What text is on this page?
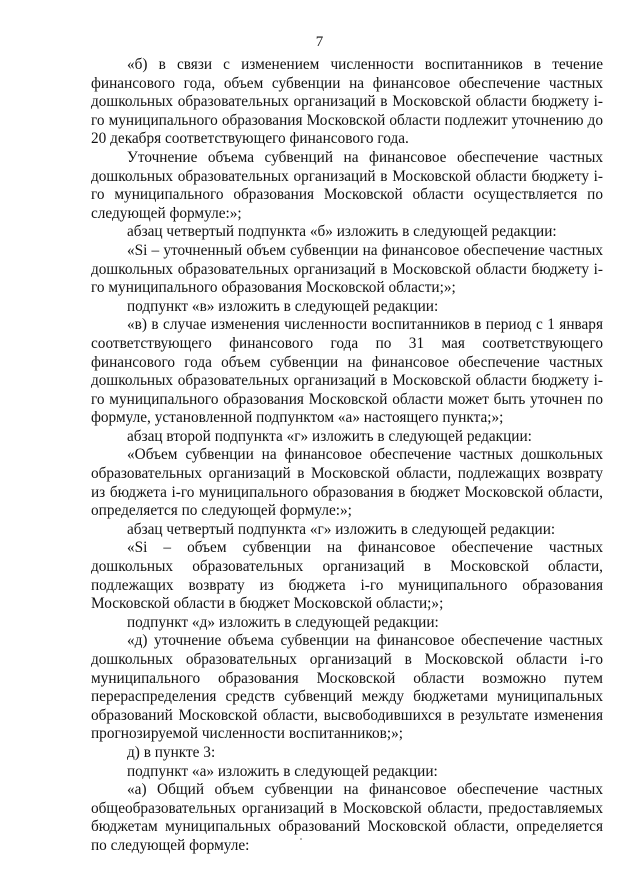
7

«б) в связи с изменением численности воспитанников в течение финансового года, объем субвенции на финансовое обеспечение частных дошкольных образовательных организаций в Московской области бюджету i-го муниципального образования Московской области подлежит уточнению до 20 декабря соответствующего финансового года.

Уточнение объема субвенций на финансовое обеспечение частных дошкольных образовательных организаций в Московской области бюджету i-го муниципального образования Московской области осуществляется по следующей формуле:»;

абзац четвертый подпункта «б» изложить в следующей редакции:

«Si – уточненный объем субвенции на финансовое обеспечение частных дошкольных образовательных организаций в Московской области бюджету i-го муниципального образования Московской области;»;

подпункт «в» изложить в следующей редакции:

«в) в случае изменения численности воспитанников в период с 1 января соответствующего финансового года по 31 мая соответствующего финансового года объем субвенции на финансовое обеспечение частных дошкольных образовательных организаций в Московской области бюджету i-го муниципального образования Московской области может быть уточнен по формуле, установленной подпунктом «а» настоящего пункта;»;

абзац второй подпункта «г» изложить в следующей редакции:

«Объем субвенции на финансовое обеспечение частных дошкольных образовательных организаций в Московской области, подлежащих возврату из бюджета i-го муниципального образования в бюджет Московской области, определяется по следующей формуле:»;

абзац четвертый подпункта «г» изложить в следующей редакции:

«Si – объем субвенции на финансовое обеспечение частных дошкольных образовательных организаций в Московской области, подлежащих возврату из бюджета i-го муниципального образования Московской области в бюджет Московской области;»;

подпункт «д» изложить в следующей редакции:

«д) уточнение объема субвенции на финансовое обеспечение частных дошкольных образовательных организаций в Московской области i-го муниципального образования Московской области возможно путем перераспределения средств субвенций между бюджетами муниципальных образований Московской области, высвободившихся в результате изменения прогнозируемой численности воспитанников;»;

д) в пункте 3:

подпункт «а» изложить в следующей редакции:

«а) Общий объем субвенции на финансовое обеспечение частных общеобразовательных организаций в Московской области, предоставляемых бюджетам муниципальных образований Московской области, определяется по следующей формуле:
